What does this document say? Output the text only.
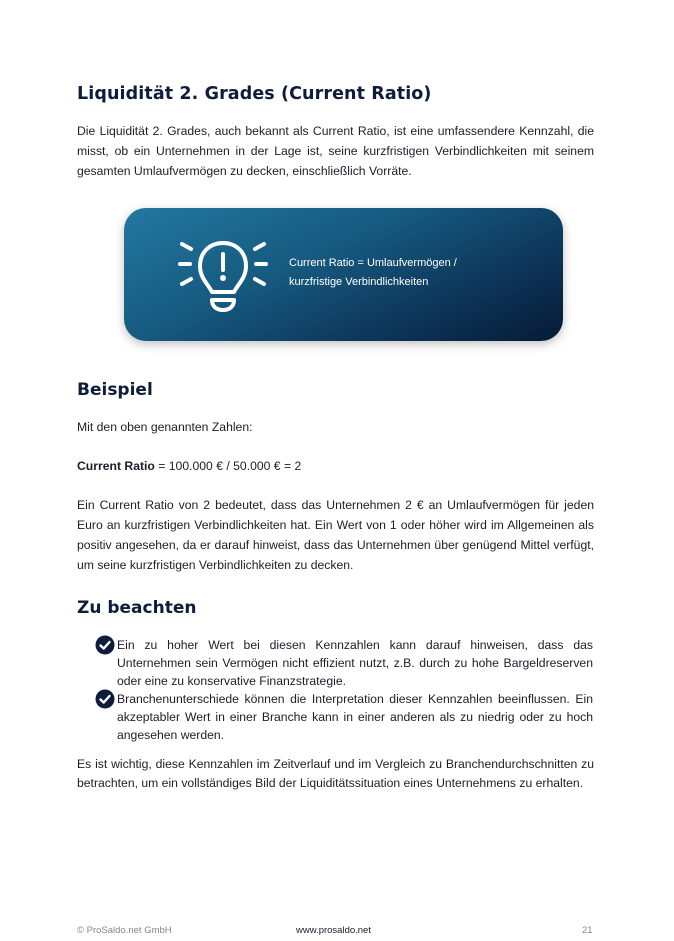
Liquidität 2. Grades (Current Ratio)

Die Liquidität 2. Grades, auch bekannt als Current Ratio, ist eine umfassendere Kennzahl, die misst, ob ein Unternehmen in der Lage ist, seine kurzfristigen Verbindlichkeiten mit seinem gesamten Umlaufvermögen zu decken, einschließlich Vorräte.

Current Ratio = Umlaufvermögen /
kurzfristige Verbindlichkeiten
Beispiel

Mit den oben genannten Zahlen:

Current Ratio = 100.000 € / 50.000 € = 2

Ein Current Ratio von 2 bedeutet, dass das Unternehmen 2 € an Umlaufvermögen für jeden Euro an kurzfristigen Verbindlichkeiten hat. Ein Wert von 1 oder höher wird im Allgemeinen als positiv angesehen, da er darauf hinweist, dass das Unternehmen über genügend Mittel verfügt, um seine kurzfristigen Verbindlichkeiten zu decken.

Zu beachten
Ein zu hoher Wert bei diesen Kennzahlen kann darauf hinweisen, dass das Unternehmen sein Vermögen nicht effizient nutzt, z.B. durch zu hohe Bargeldreserven oder eine zu konservative Finanzstrategie.
Branchenunterschiede können die Interpretation dieser Kennzahlen beeinflussen. Ein akzeptabler Wert in einer Branche kann in einer anderen als zu niedrig oder zu hoch angesehen werden.

Es ist wichtig, diese Kennzahlen im Zeitverlauf und im Vergleich zu Branchendurchschnitten zu betrachten, um ein vollständiges Bild der Liquiditätssituation eines Unternehmens zu erhalten.

© ProSaldo.net GmbH	www.prosaldo.net	21
